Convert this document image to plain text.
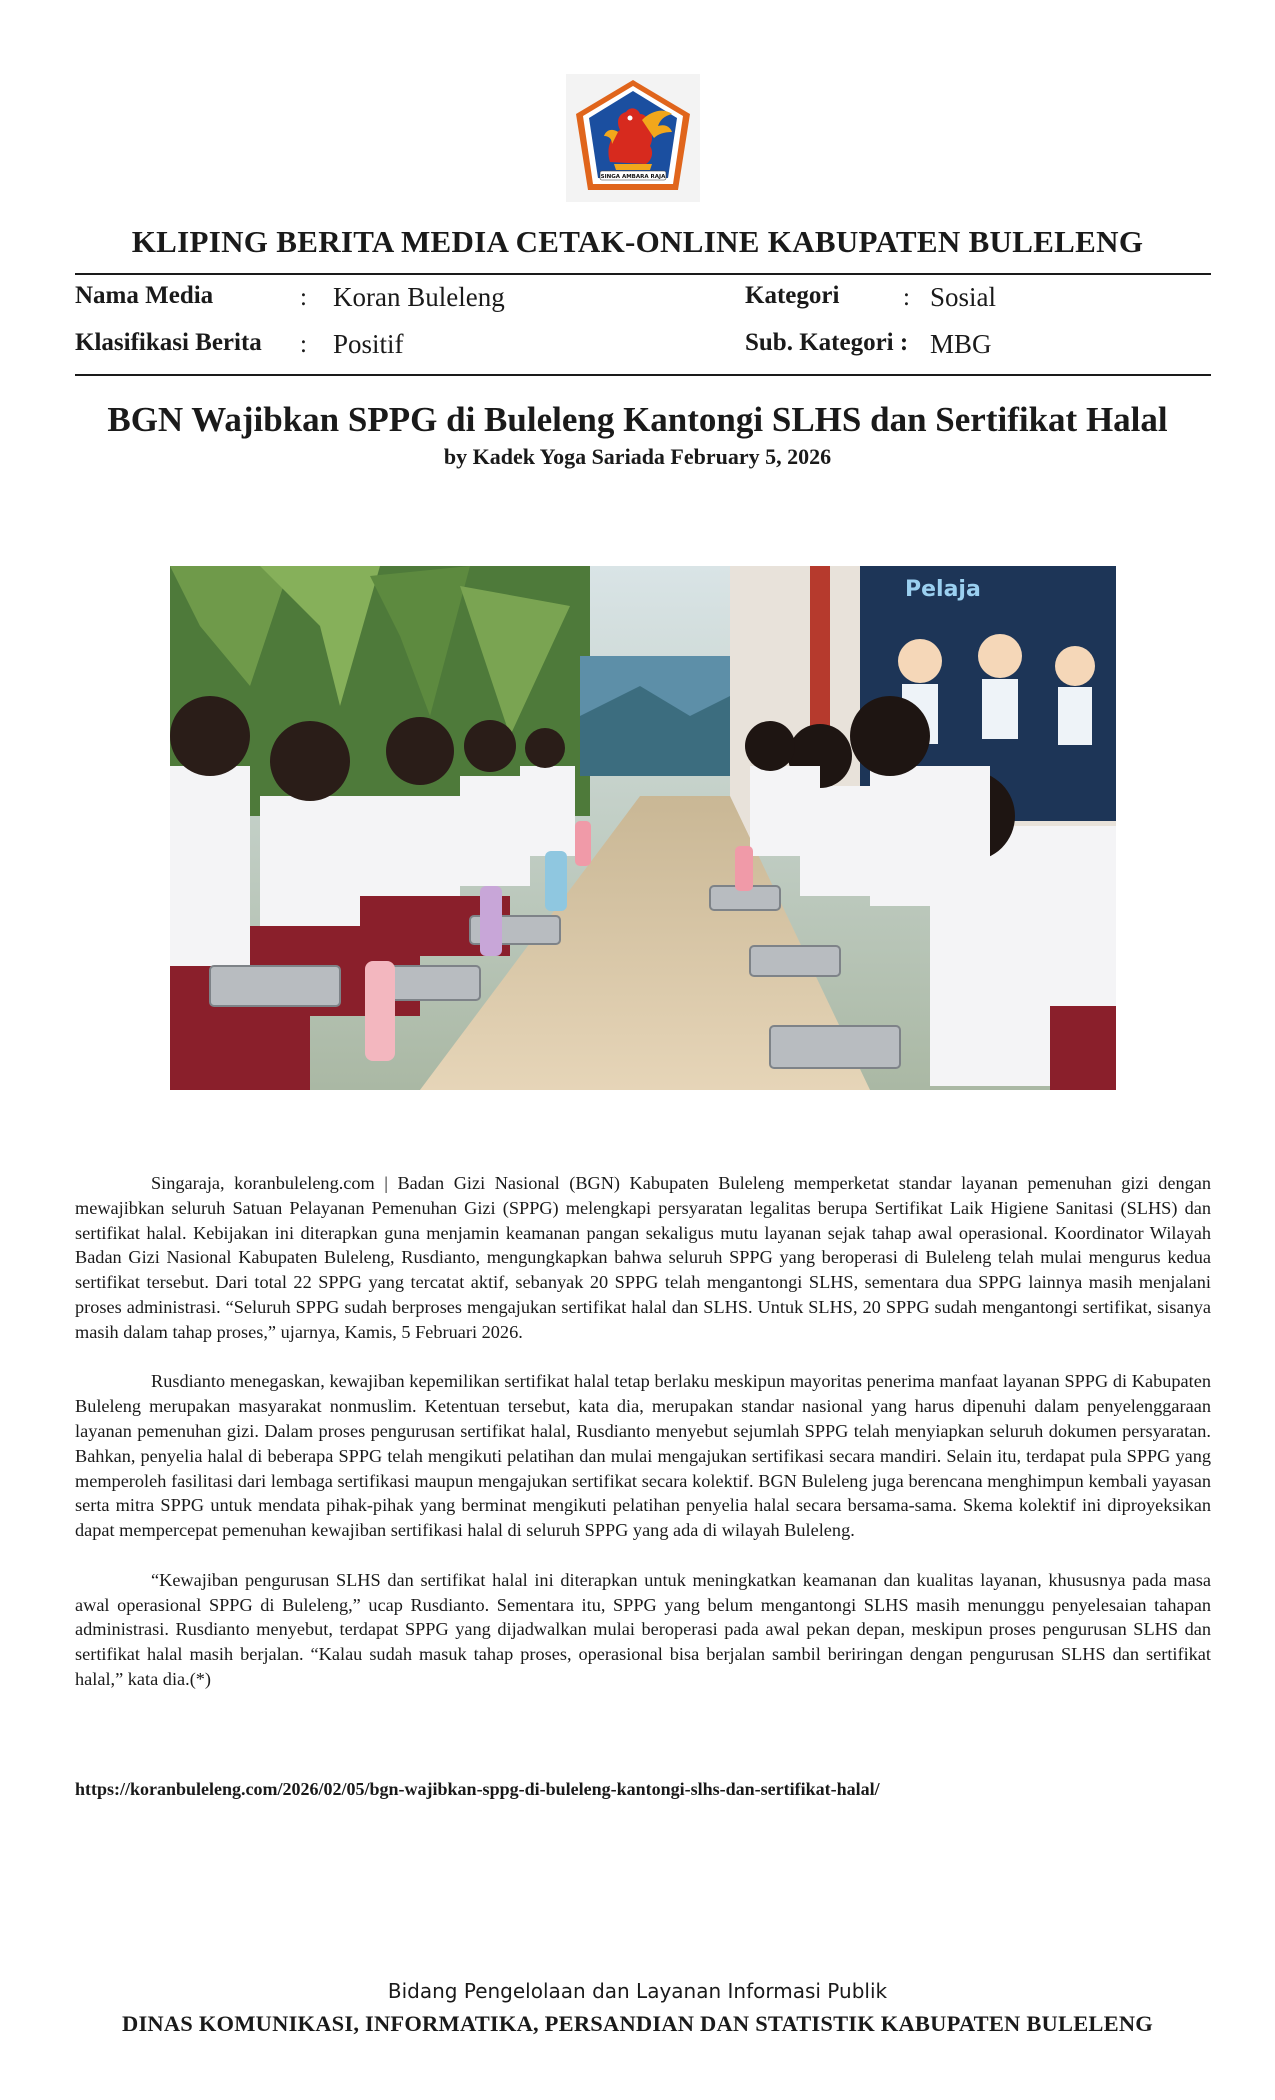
SINGA AMBARA RAJA
KLIPING BERITA MEDIA CETAK-ONLINE KABUPATEN BULELENG
Nama Media	: Koran Buleleng	Kategori	: Sosial
Klasifikasi Berita : Positif	Sub. Kategori : MBG
BGN Wajibkan SPPG di Buleleng Kantongi SLHS dan Sertifikat Halal
by Kadek Yoga Sariada February 5, 2026
Pelaja

Singaraja, koranbuleleng.com | Badan Gizi Nasional (BGN) Kabupaten Buleleng memperketat standar layanan pemenuhan gizi dengan mewajibkan seluruh Satuan Pelayanan Pemenuhan Gizi (SPPG) melengkapi persyaratan legalitas berupa Sertifikat Laik Higiene Sanitasi (SLHS) dan sertifikat halal. Kebijakan ini diterapkan guna menjamin keamanan pangan sekaligus mutu layanan sejak tahap awal operasional. Koordinator Wilayah Badan Gizi Nasional Kabupaten Buleleng, Rusdianto, mengungkapkan bahwa seluruh SPPG yang beroperasi di Buleleng telah mulai mengurus kedua sertifikat tersebut. Dari total 22 SPPG yang tercatat aktif, sebanyak 20 SPPG telah mengantongi SLHS, sementara dua SPPG lainnya masih menjalani proses administrasi. “Seluruh SPPG sudah berproses mengajukan sertifikat halal dan SLHS. Untuk SLHS, 20 SPPG sudah mengantongi sertifikat, sisanya masih dalam tahap proses,” ujarnya, Kamis, 5 Februari 2026.

Rusdianto menegaskan, kewajiban kepemilikan sertifikat halal tetap berlaku meskipun mayoritas penerima manfaat layanan SPPG di Kabupaten Buleleng merupakan masyarakat nonmuslim. Ketentuan tersebut, kata dia, merupakan standar nasional yang harus dipenuhi dalam penyelenggaraan layanan pemenuhan gizi. Dalam proses pengurusan sertifikat halal, Rusdianto menyebut sejumlah SPPG telah menyiapkan seluruh dokumen persyaratan. Bahkan, penyelia halal di beberapa SPPG telah mengikuti pelatihan dan mulai mengajukan sertifikasi secara mandiri. Selain itu, terdapat pula SPPG yang memperoleh fasilitasi dari lembaga sertifikasi maupun mengajukan sertifikat secara kolektif. BGN Buleleng juga berencana menghimpun kembali yayasan serta mitra SPPG untuk mendata pihak-pihak yang berminat mengikuti pelatihan penyelia halal secara bersama-sama. Skema kolektif ini diproyeksikan dapat mempercepat pemenuhan kewajiban sertifikasi halal di seluruh SPPG yang ada di wilayah Buleleng.

“Kewajiban pengurusan SLHS dan sertifikat halal ini diterapkan untuk meningkatkan keamanan dan kualitas layanan, khususnya pada masa awal operasional SPPG di Buleleng,” ucap Rusdianto. Sementara itu, SPPG yang belum mengantongi SLHS masih menunggu penyelesaian tahapan administrasi. Rusdianto menyebut, terdapat SPPG yang dijadwalkan mulai beroperasi pada awal pekan depan, meskipun proses pengurusan SLHS dan sertifikat halal masih berjalan. “Kalau sudah masuk tahap proses, operasional bisa berjalan sambil beriringan dengan pengurusan SLHS dan sertifikat halal,” kata dia.(*)

https://koranbuleleng.com/2026/02/05/bgn-wajibkan-sppg-di-buleleng-kantongi-slhs-dan-sertifikat-halal/
Bidang Pengelolaan dan Layanan Informasi Publik
DINAS KOMUNIKASI, INFORMATIKA, PERSANDIAN DAN STATISTIK KABUPATEN BULELENG
